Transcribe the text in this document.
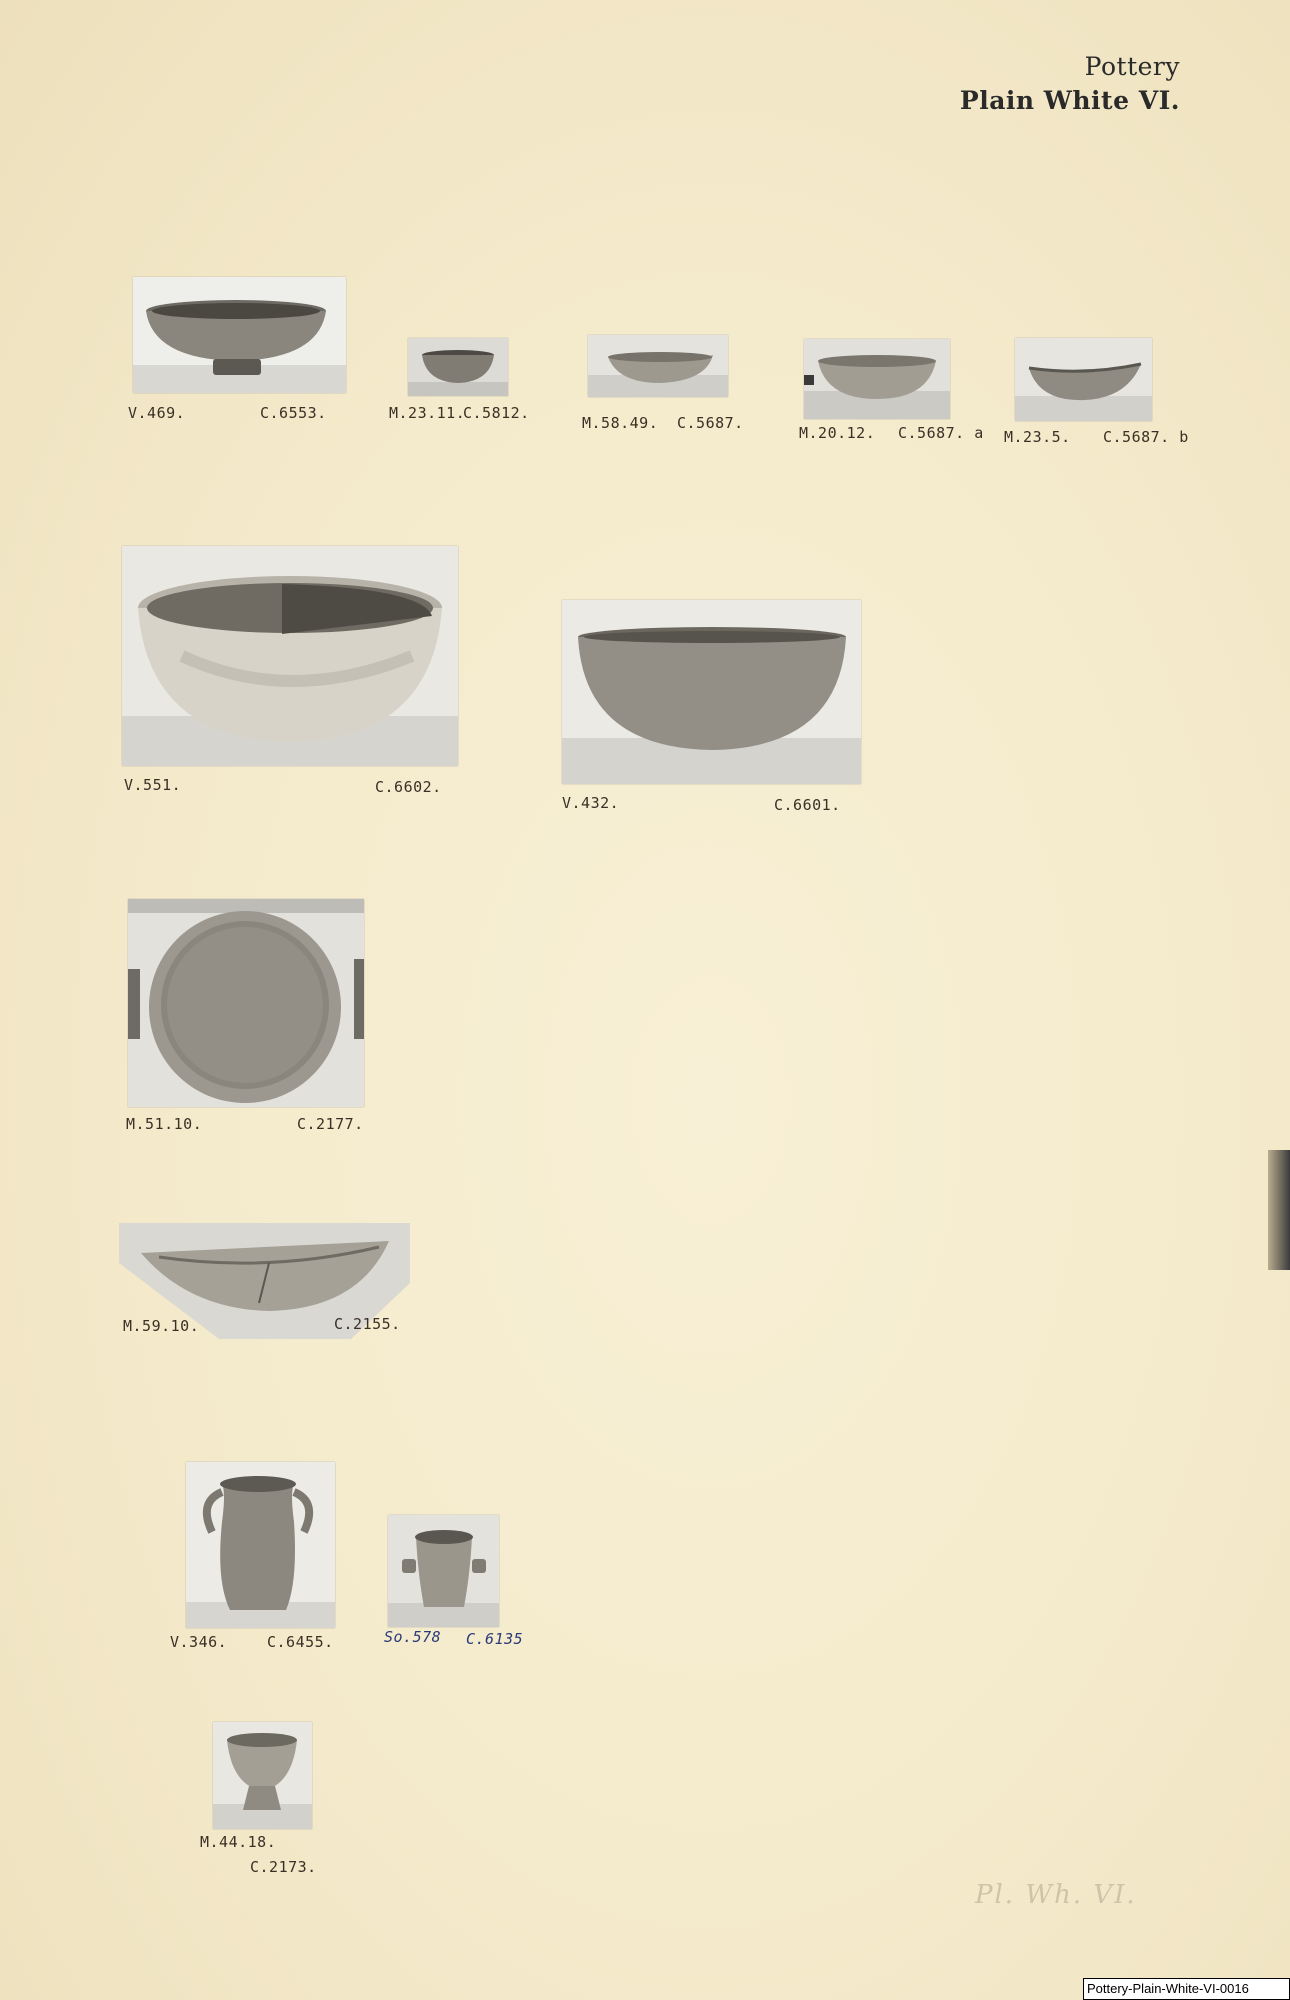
Pottery
Plain White VI.
V.469.	C.6553.	M.23.11.
C.5812.
M.58.49. C.5687.
M.20.12. C.5687. a M.23.5. C.5687. b
V.551.	C.6602.
V.432.	C.6601.
M.51.10.	C.2177.
M.59.10.	C.2155.
V.346.	C.6455.	So.578 C.6135
M.44.18.
C.2173.
Pl. Wh. VI.
Pottery-Plain-White-VI-0016
